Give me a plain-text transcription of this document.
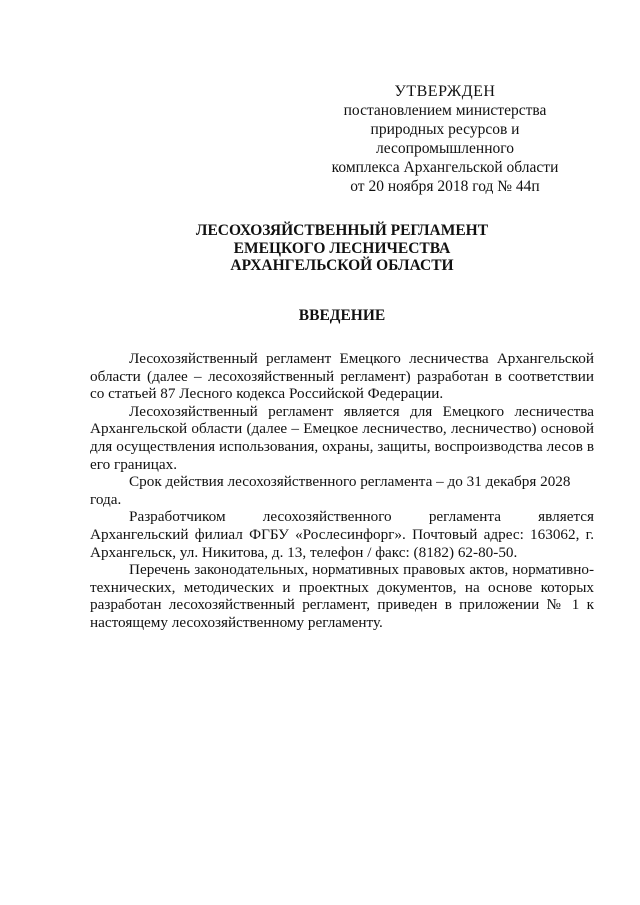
УТВЕРЖДЕН
постановлением министерства
природных ресурсов и лесопромышленного
комплекса Архангельской области
от 20 ноября 2018 год № 44п
ЛЕСОХОЗЯЙСТВЕННЫЙ РЕГЛАМЕНТ
ЕМЕЦКОГО ЛЕСНИЧЕСТВА
АРХАНГЕЛЬСКОЙ ОБЛАСТИ
ВВЕДЕНИЕ

Лесохозяйственный регламент Емецкого лесничества Архангельской области (далее – лесохозяйственный регламент) разработан в соответствии со статьей 87 Лесного кодекса Российской Федерации.

Лесохозяйственный регламент является для Емецкого лесничества Архангельской области (далее – Емецкое лесничество, лесничество) основой для осуществления использования, охраны, защиты, воспроизводства лесов в его границах.

Срок действия лесохозяйственного регламента – до 31 декабря 2028 года.

Разработчиком лесохозяйственного регламента является Архангельский филиал ФГБУ «Рослесинфорг». Почтовый адрес: 163062, г. Архангельск, ул. Никитова, д. 13, телефон / факс: (8182) 62-80-50.

Перечень законодательных, нормативных правовых актов, нормативно-технических, методических и проектных документов, на основе которых разработан лесохозяйственный регламент, приведен в приложении № 1 к настоящему лесохозяйственному регламенту.
